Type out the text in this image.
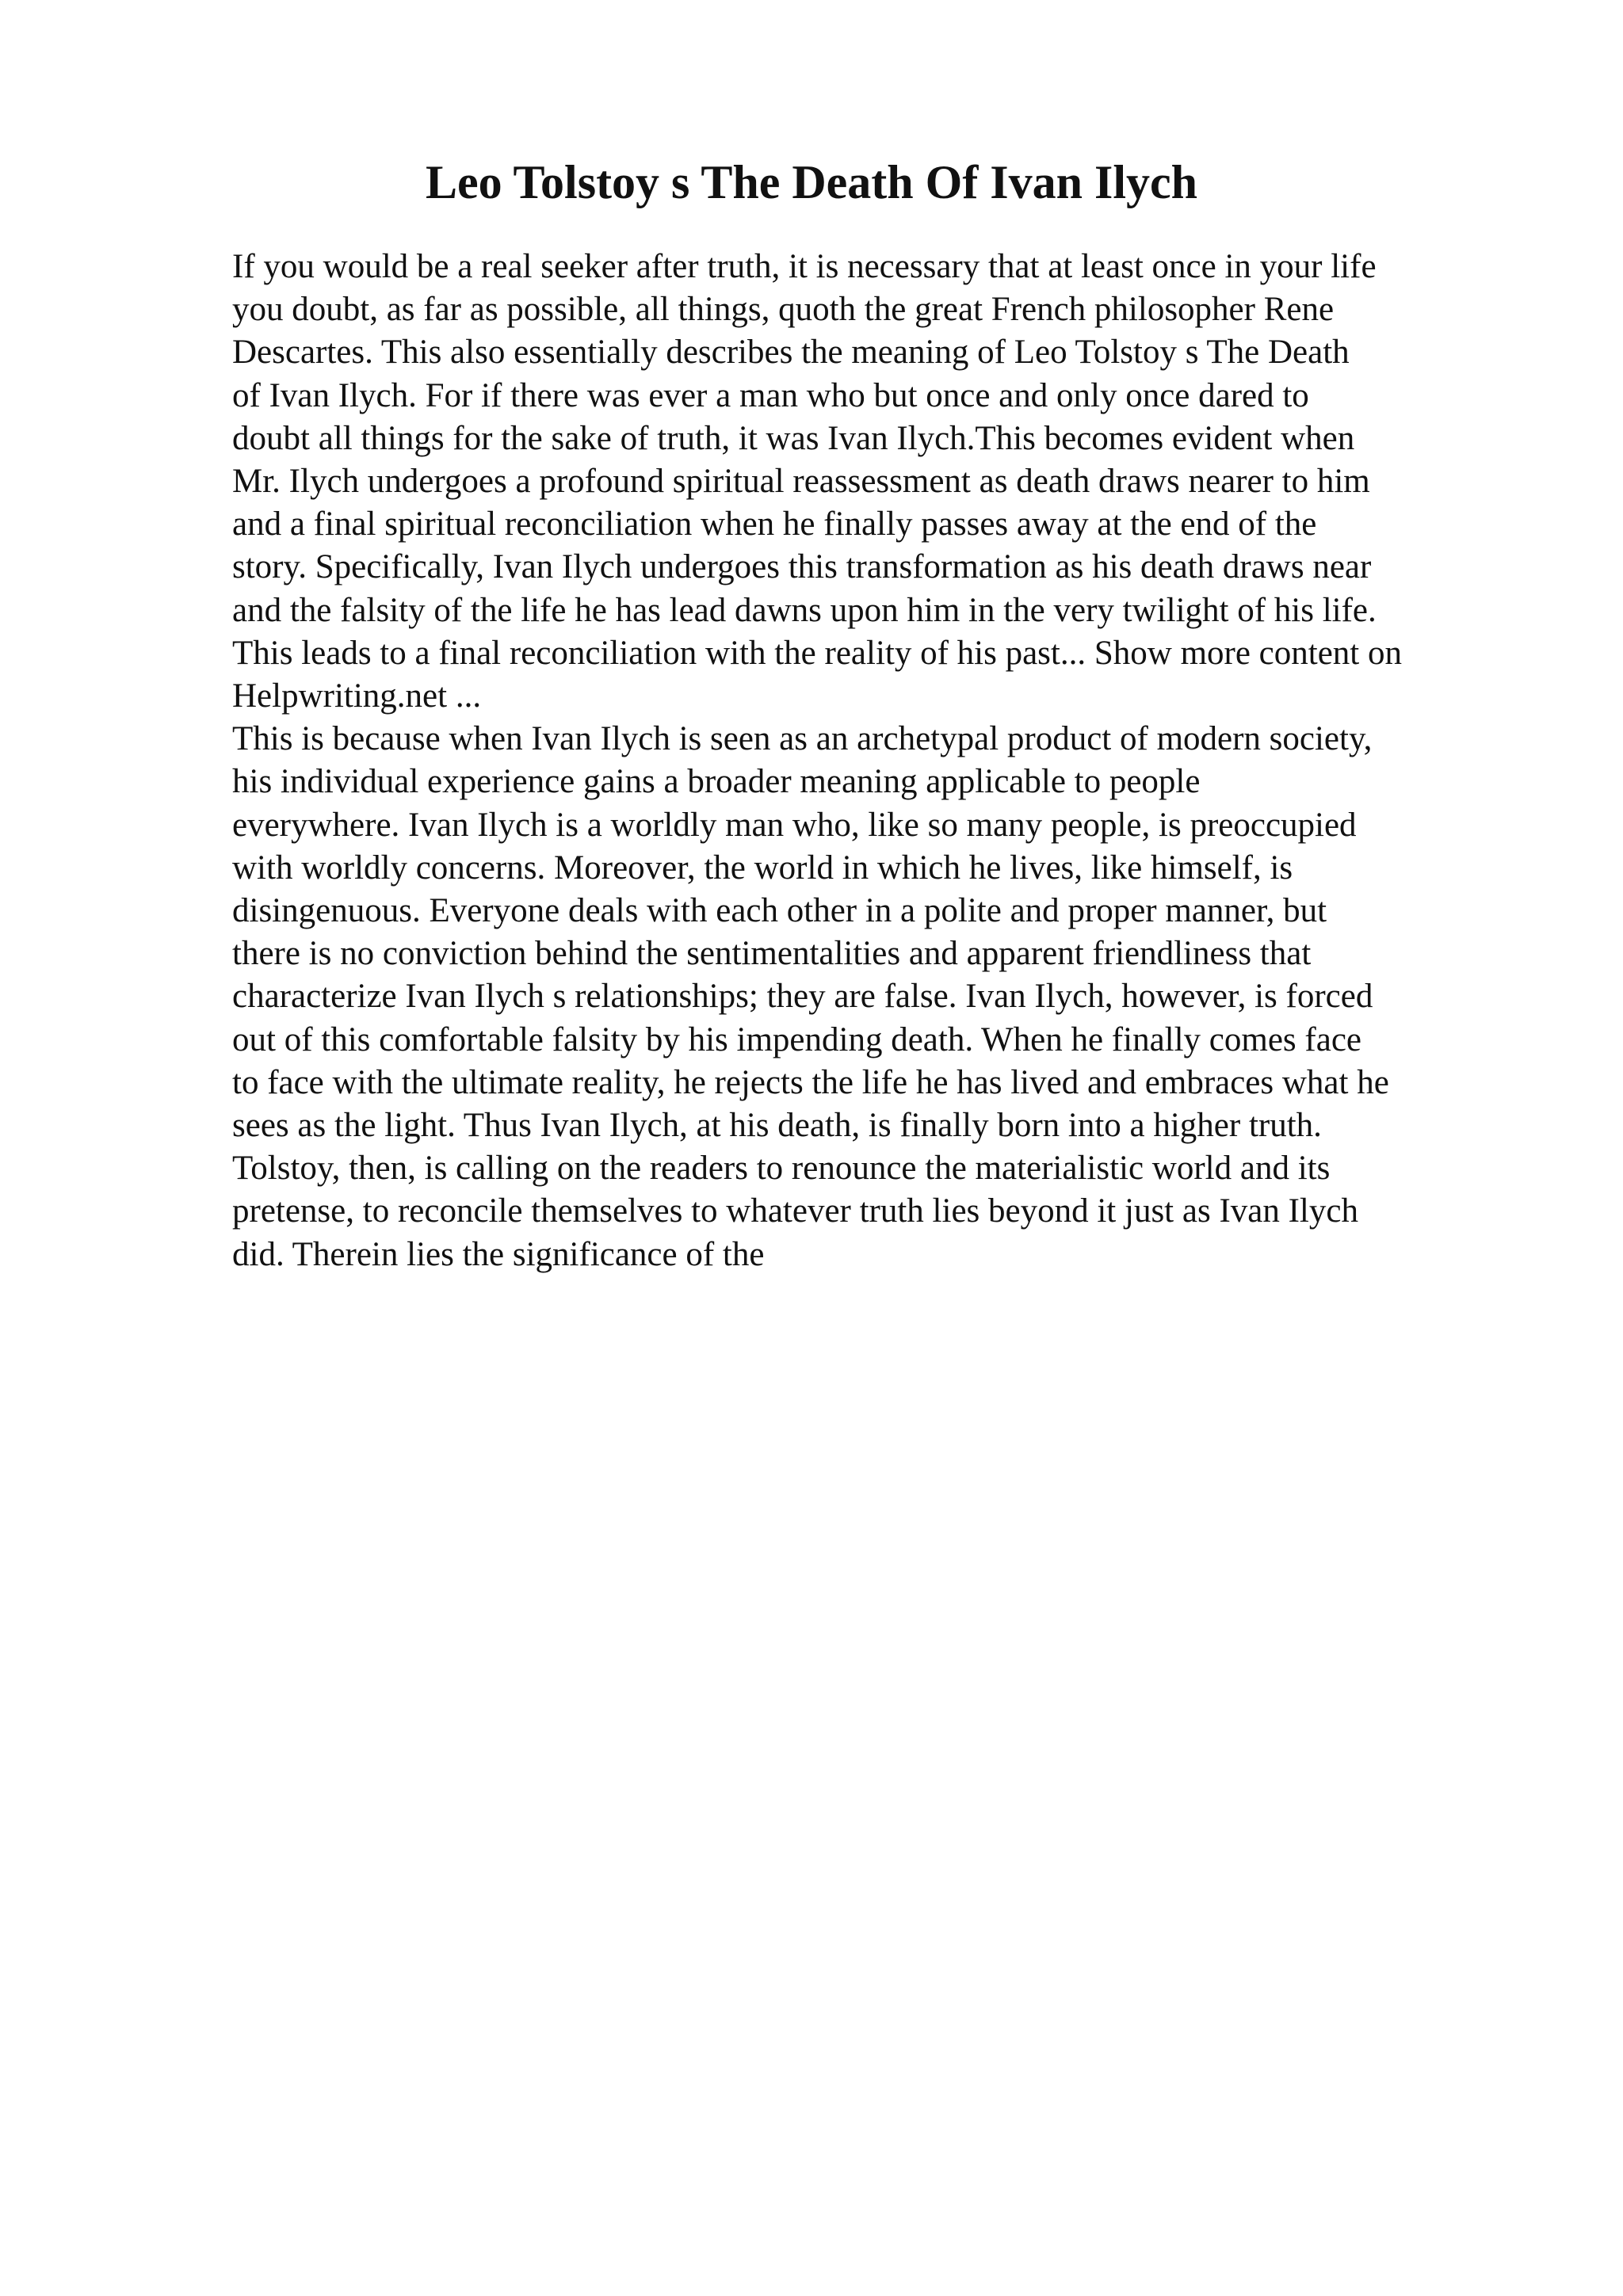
Leo Tolstoy s The Death Of Ivan Ilych
If you would be a real seeker after truth, it is necessary that at least once in your life
you doubt, as far as possible, all things, quoth the great French philosopher Rene
Descartes. This also essentially describes the meaning of Leo Tolstoy s The Death
of Ivan Ilych. For if there was ever a man who but once and only once dared to
doubt all things for the sake of truth, it was Ivan Ilych.This becomes evident when
Mr. Ilych undergoes a profound spiritual reassessment as death draws nearer to him
and a final spiritual reconciliation when he finally passes away at the end of the
story. Specifically, Ivan Ilych undergoes this transformation as his death draws near
and the falsity of the life he has lead dawns upon him in the very twilight of his life.
This leads to a final reconciliation with the reality of his past... Show more content on
Helpwriting.net ...
This is because when Ivan Ilych is seen as an archetypal product of modern society,
his individual experience gains a broader meaning applicable to people
everywhere. Ivan Ilych is a worldly man who, like so many people, is preoccupied
with worldly concerns. Moreover, the world in which he lives, like himself, is
disingenuous. Everyone deals with each other in a polite and proper manner, but
there is no conviction behind the sentimentalities and apparent friendliness that
characterize Ivan Ilych s relationships; they are false. Ivan Ilych, however, is forced
out of this comfortable falsity by his impending death. When he finally comes face
to face with the ultimate reality, he rejects the life he has lived and embraces what he
sees as the light. Thus Ivan Ilych, at his death, is finally born into a higher truth.
Tolstoy, then, is calling on the readers to renounce the materialistic world and its
pretense, to reconcile themselves to whatever truth lies beyond it just as Ivan Ilych
did. Therein lies the significance of the
